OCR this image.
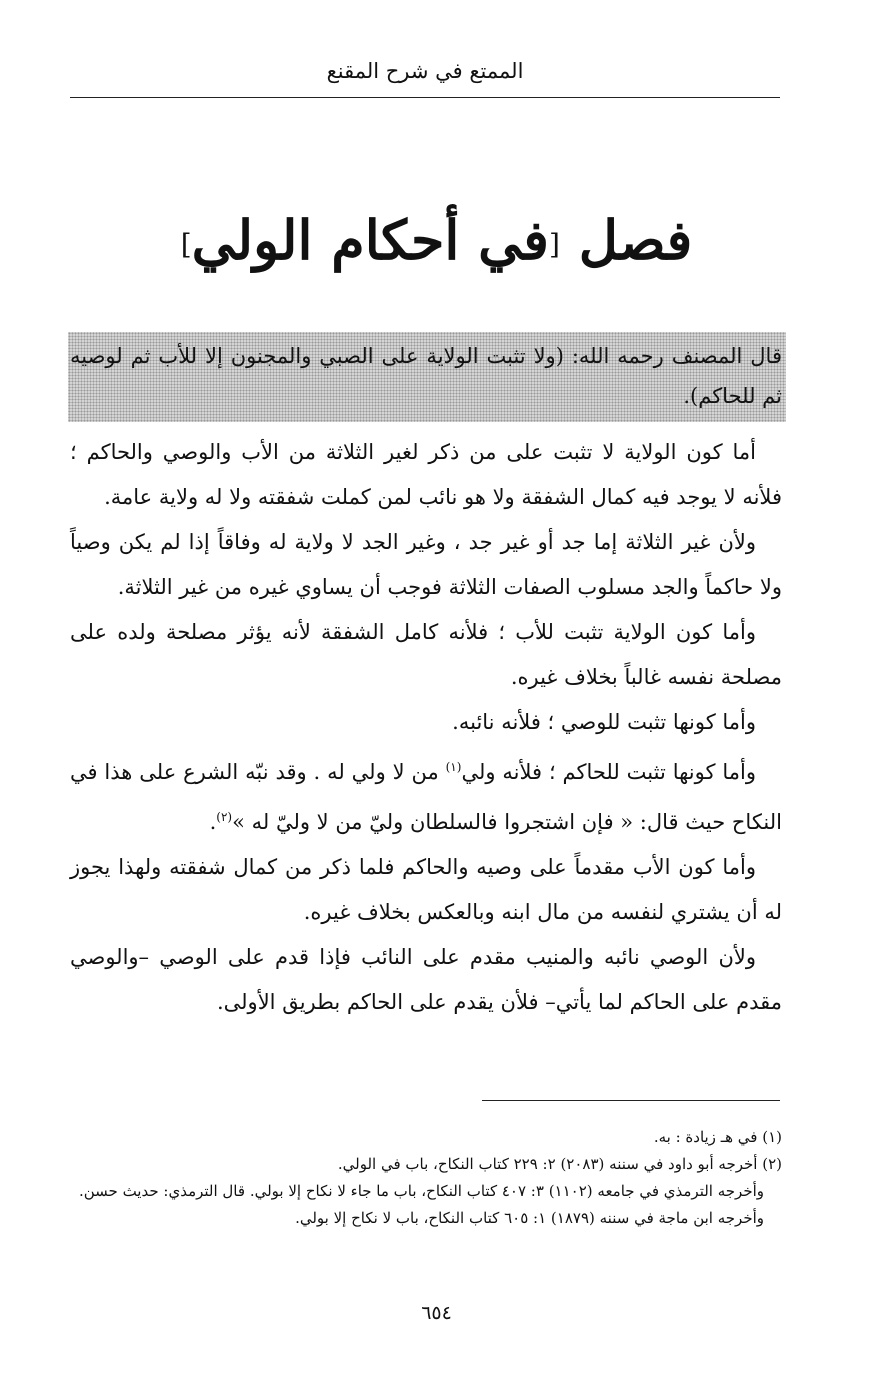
الممتع في شرح المقنع
فصل [في أحكام الولي]
قال المصنف رحمه الله: (ولا تثبت الولاية على الصبي والمجنون إلا للأب ثم لوصيه ثم للحاكم).

أما كون الولاية لا تثبت على من ذكر لغير الثلاثة من الأب والوصي والحاكم ؛ فلأنه لا يوجد فيه كمال الشفقة ولا هو نائب لمن كملت شفقته ولا له ولاية عامة.

ولأن غير الثلاثة إما جد أو غير جد ، وغير الجد لا ولاية له وفاقاً إذا لم يكن وصياً ولا حاكماً والجد مسلوب الصفات الثلاثة فوجب أن يساوي غيره من غير الثلاثة.

وأما كون الولاية تثبت للأب ؛ فلأنه كامل الشفقة لأنه يؤثر مصلحة ولده على مصلحة نفسه غالباً بخلاف غيره.

وأما كونها تثبت للوصي ؛ فلأنه نائبه.

وأما كونها تثبت للحاكم ؛ فلأنه ولي$^{(١)}$ من لا ولي له . وقد نبّه الشرع على هذا في النكاح حيث قال: « فإن اشتجروا فالسلطان وليّ من لا وليّ له »$^{(٢)}$.

وأما كون الأب مقدماً على وصيه والحاكم فلما ذكر من كمال شفقته ولهذا يجوز له أن يشتري لنفسه من مال ابنه وبالعكس بخلاف غيره.

ولأن الوصي نائبه والمنيب مقدم على النائب فإذا قدم على الوصي –والوصي مقدم على الحاكم لما يأتي– فلأن يقدم على الحاكم بطريق الأولى.

(١) في هـ زيادة : به.

(٢) أخرجه أبو داود في سننه (٢٠٨٣) ٢: ٢٢٩ كتاب النكاح، باب في الولي.

وأخرجه الترمذي في جامعه (١١٠٢) ٣: ٤٠٧ كتاب النكاح، باب ما جاء لا نكاح إلا بولي. قال الترمذي: حديث حسن.

وأخرجه ابن ماجة في سننه (١٨٧٩) ١: ٦٠٥ كتاب النكاح، باب لا نكاح إلا بولي.

٦٥٤
